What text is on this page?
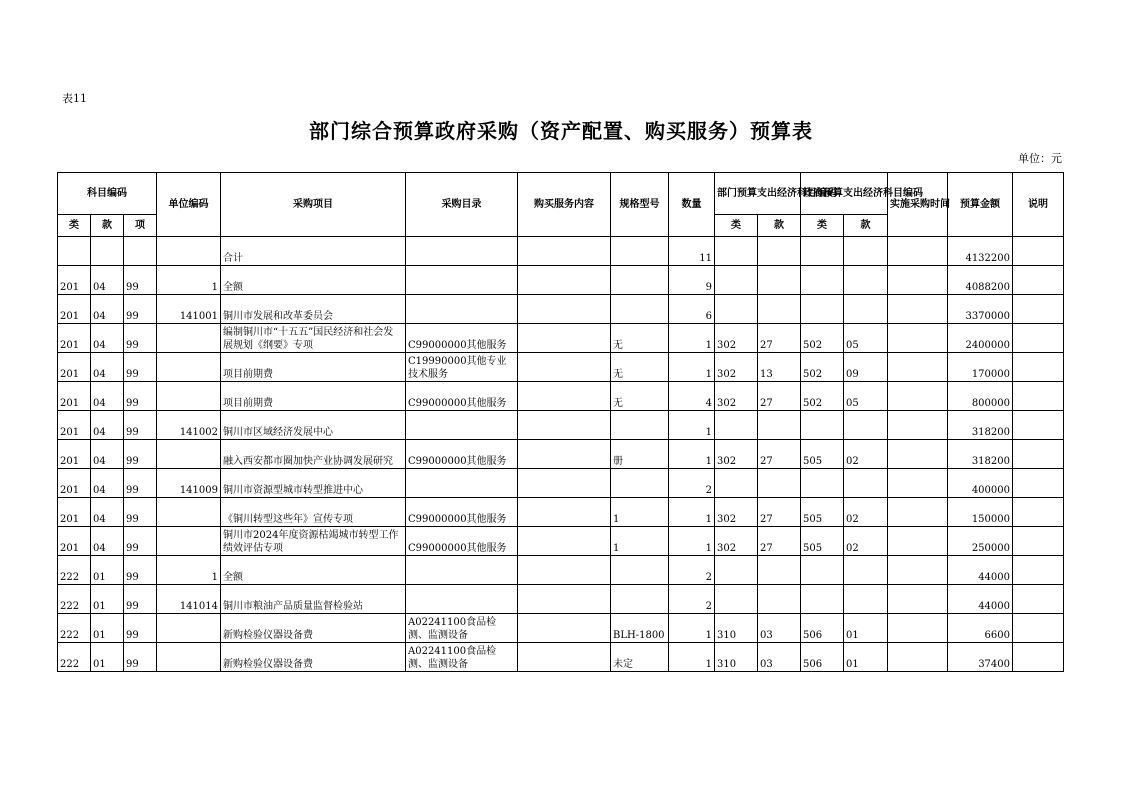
表11
部门综合预算政府采购（资产配置、购买服务）预算表
单位：元
科目编码			单位编码	采购项目	采购目录	购买服务内容	规格型号	数量	部门预算支出经济科目编码		政府预算支出经济科目编码		实施采购时间	预算金额	说明
类	款	项							类	款	类	款			
				合计				11						4132200	
201	04	99	1	全额				9						4088200	
201	04	99	141001	铜川市发展和改革委员会				6						3370000	
201	04	99		编制铜川市“十五五”国民经济和社会发展规划《纲要》专项	C99000000其他服务		无	1	302	27	502	05		2400000	
201	04	99		项目前期费	C19990000其他专业技术服务		无	1	302	13	502	09		170000	
201	04	99		项目前期费	C99000000其他服务		无	4	302	27	502	05		800000	
201	04	99	141002	铜川市区域经济发展中心				1						318200	
201	04	99		融入西安都市圈加快产业协调发展研究	C99000000其他服务		册	1	302	27	505	02		318200	
201	04	99	141009	铜川市资源型城市转型推进中心				2						400000	
201	04	99		《铜川转型这些年》宣传专项	C99000000其他服务		1	1	302	27	505	02		150000	
201	04	99		铜川市2024年度资源枯竭城市转型工作绩效评估专项	C99000000其他服务		1	1	302	27	505	02		250000	
222	01	99	1	全额				2						44000	
222	01	99	141014	铜川市粮油产品质量监督检验站				2						44000	
222	01	99		新购检验仪器设备费	A02241100食品检测、监测设备		BLH-1800	1	310	03	506	01		6600	
222	01	99		新购检验仪器设备费	A02241100食品检测、监测设备		未定	1	310	03	506	01		37400	
